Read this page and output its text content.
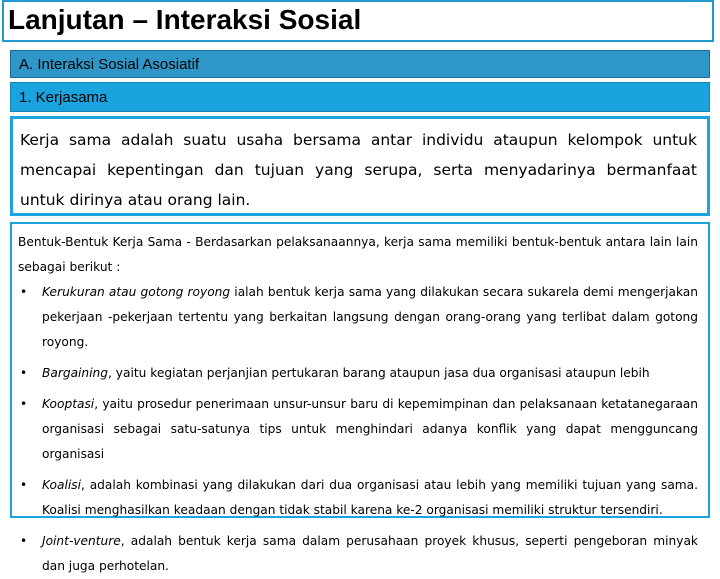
Lanjutan – Interaksi Sosial
A. Interaksi Sosial Asosiatif
1. Kerjasama
Kerja sama adalah suatu usaha bersama antar individu ataupun kelompok untuk mencapai kepentingan dan tujuan yang serupa, serta menyadarinya bermanfaat untuk dirinya atau orang lain.

Bentuk-Bentuk Kerja Sama - Berdasarkan pelaksanaannya, kerja sama memiliki bentuk-bentuk antara lain lain sebagai berikut :

• Kerukuran atau gotong royong ialah bentuk kerja sama yang dilakukan secara sukarela demi mengerjakan pekerjaan -pekerjaan tertentu yang berkaitan langsung dengan orang-orang yang terlibat dalam gotong royong.
• Bargaining, yaitu kegiatan perjanjian pertukaran barang ataupun jasa dua organisasi ataupun lebih
• Kooptasi, yaitu prosedur penerimaan unsur-unsur baru di kepemimpinan dan pelaksanaan ketatanegaraan organisasi sebagai satu-satunya tips untuk menghindari adanya konflik yang dapat mengguncang organisasi
• Koalisi, adalah kombinasi yang dilakukan dari dua organisasi atau lebih yang memiliki tujuan yang sama. Koalisi menghasilkan keadaan dengan tidak stabil karena ke-2 organisasi memiliki struktur tersendiri.
• Joint-venture, adalah bentuk kerja sama dalam perusahaan proyek khusus, seperti pengeboran minyak dan juga perhotelan.
